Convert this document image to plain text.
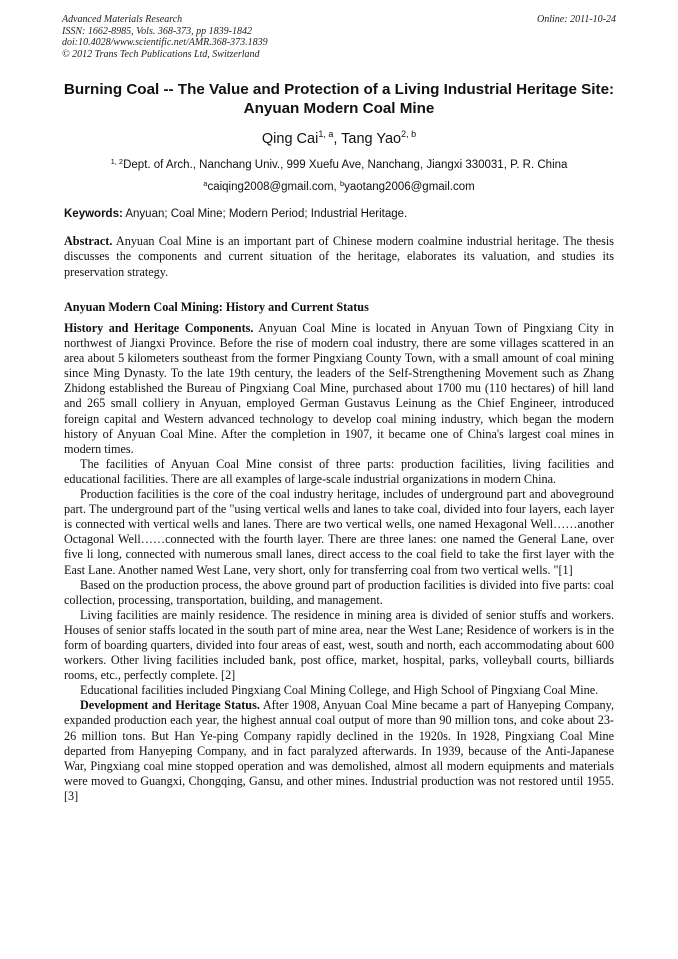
Advanced Materials Research
ISSN: 1662-8985, Vols. 368-373, pp 1839-1842
doi:10.4028/www.scientific.net/AMR.368-373.1839
© 2012 Trans Tech Publications Ltd, Switzerland
Online: 2011-10-24
Burning Coal -- The Value and Protection of a Living Industrial Heritage Site: Anyuan Modern Coal Mine
Qing Cai$^{1, a}$, Tang Yao$^{2, b}$
$^{1, 2}$Dept. of Arch., Nanchang Univ., 999 Xuefu Ave, Nanchang, Jiangxi 330031, P. R. China
$^a$caiqing2008@gmail.com, $^b$yaotang2006@gmail.com
Keywords: Anyuan; Coal Mine; Modern Period; Industrial Heritage.
Abstract. Anyuan Coal Mine is an important part of Chinese modern coalmine industrial heritage. The thesis discusses the components and current situation of the heritage, elaborates its valuation, and studies its preservation strategy.
Anyuan Modern Coal Mining: History and Current Status

History and Heritage Components. Anyuan Coal Mine is located in Anyuan Town of Pingxiang City in northwest of Jiangxi Province. Before the rise of modern coal industry, there are some villages scattered in an area about 5 kilometers southeast from the former Pingxiang County Town, with a small amount of coal mining since Ming Dynasty. To the late 19th century, the leaders of the Self-Strengthening Movement such as Zhang Zhidong established the Bureau of Pingxiang Coal Mine, purchased about 1700 mu (110 hectares) of hill land and 265 small colliery in Anyuan, employed German Gustavus Leinung as the Chief Engineer, introduced foreign capital and Western advanced technology to develop coal mining industry, which began the modern history of Anyuan Coal Mine. After the completion in 1907, it became one of China's largest coal mines in modern times.

The facilities of Anyuan Coal Mine consist of three parts: production facilities, living facilities and educational facilities. There are all examples of large-scale industrial organizations in modern China.

Production facilities is the core of the coal industry heritage, includes of underground part and aboveground part. The underground part of the "using vertical wells and lanes to take coal, divided into four layers, each layer is connected with vertical wells and lanes. There are two vertical wells, one named Hexagonal Well……another Octagonal Well……connected with the fourth layer. There are three lanes: one named the General Lane, over five li long, connected with numerous small lanes, direct access to the coal field to take the first layer with the East Lane. Another named West Lane, very short, only for transferring coal from two vertical wells. "[1]

Based on the production process, the above ground part of production facilities is divided into five parts: coal collection, processing, transportation, building, and management.

Living facilities are mainly residence. The residence in mining area is divided of senior stuffs and workers. Houses of senior staffs located in the south part of mine area, near the West Lane; Residence of workers is in the form of boarding quarters, divided into four areas of east, west, south and north, each accommodating about 600 workers. Other living facilities included bank, post office, market, hospital, parks, volleyball courts, billiards rooms, etc., perfectly complete. [2]

Educational facilities included Pingxiang Coal Mining College, and High School of Pingxiang Coal Mine.

Development and Heritage Status. After 1908, Anyuan Coal Mine became a part of Hanyeping Company, expanded production each year, the highest annual coal output of more than 90 million tons, and coke about 23-26 million tons. But Han Ye-ping Company rapidly declined in the 1920s. In 1928, Pingxiang Coal Mine departed from Hanyeping Company, and in fact paralyzed afterwards. In 1939, because of the Anti-Japanese War, Pingxiang coal mine stopped operation and was demolished, almost all modern equipments and materials were moved to Guangxi, Chongqing, Gansu, and other mines. Industrial production was not restored until 1955. [3]
